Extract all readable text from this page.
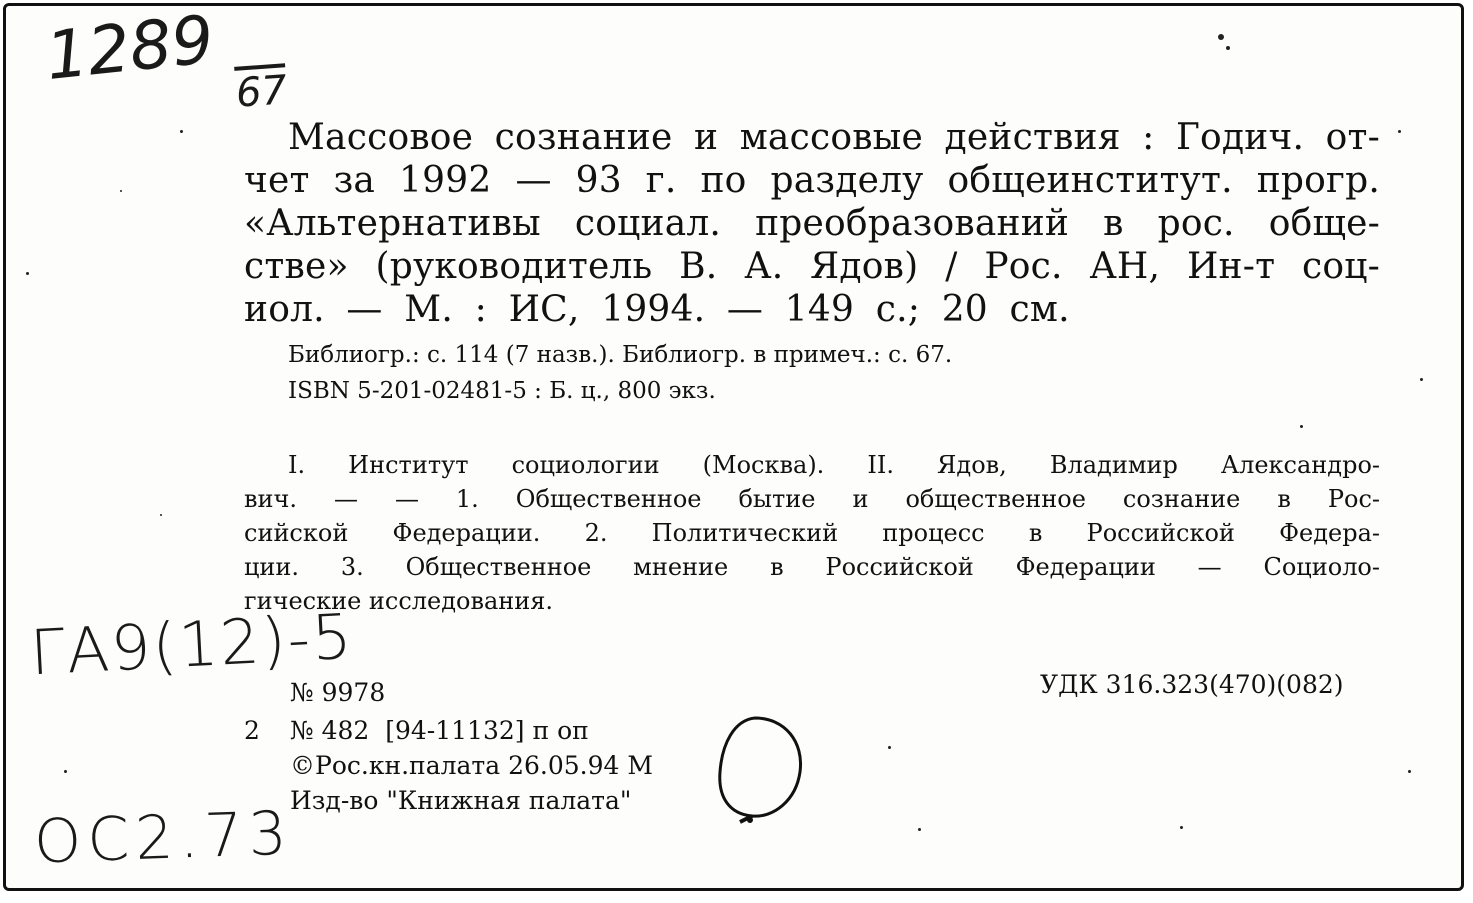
1289 67
Массовое сознание и массовые действия : Годич. от-
чет за 1992 — 93 г. по разделу общеинститут. прогр.
«Альтернативы социал. преобразований в рос. обще-
стве» (руководитель В. А. Ядов) / Рос. АН, Ин-т соц-
иол. — М. : ИС, 1994. — 149 с.; 20 см.
Библиогр.: с. 114 (7 назв.). Библиогр. в примеч.: с. 67.
ISBN 5-201-02481-5 : Б. ц., 800 экз.
I. Институт социологии (Москва). II. Ядов, Владимир Александро-
вич. — — 1. Общественное бытие и общественное сознание в Рос-
сийской Федерации. 2. Политический процесс в Российской Федера-
ции. 3. Общественное мнение в Российской Федерации — Социоло-
гические исследования.
ГА9(12)-5
№ 9978	УДК 316.323(470)(082)
2 № 482  [94-11132] п оп
©Рос.кн.палата 26.05.94 М
Изд-во "Книжная палата"
ОС2.73
